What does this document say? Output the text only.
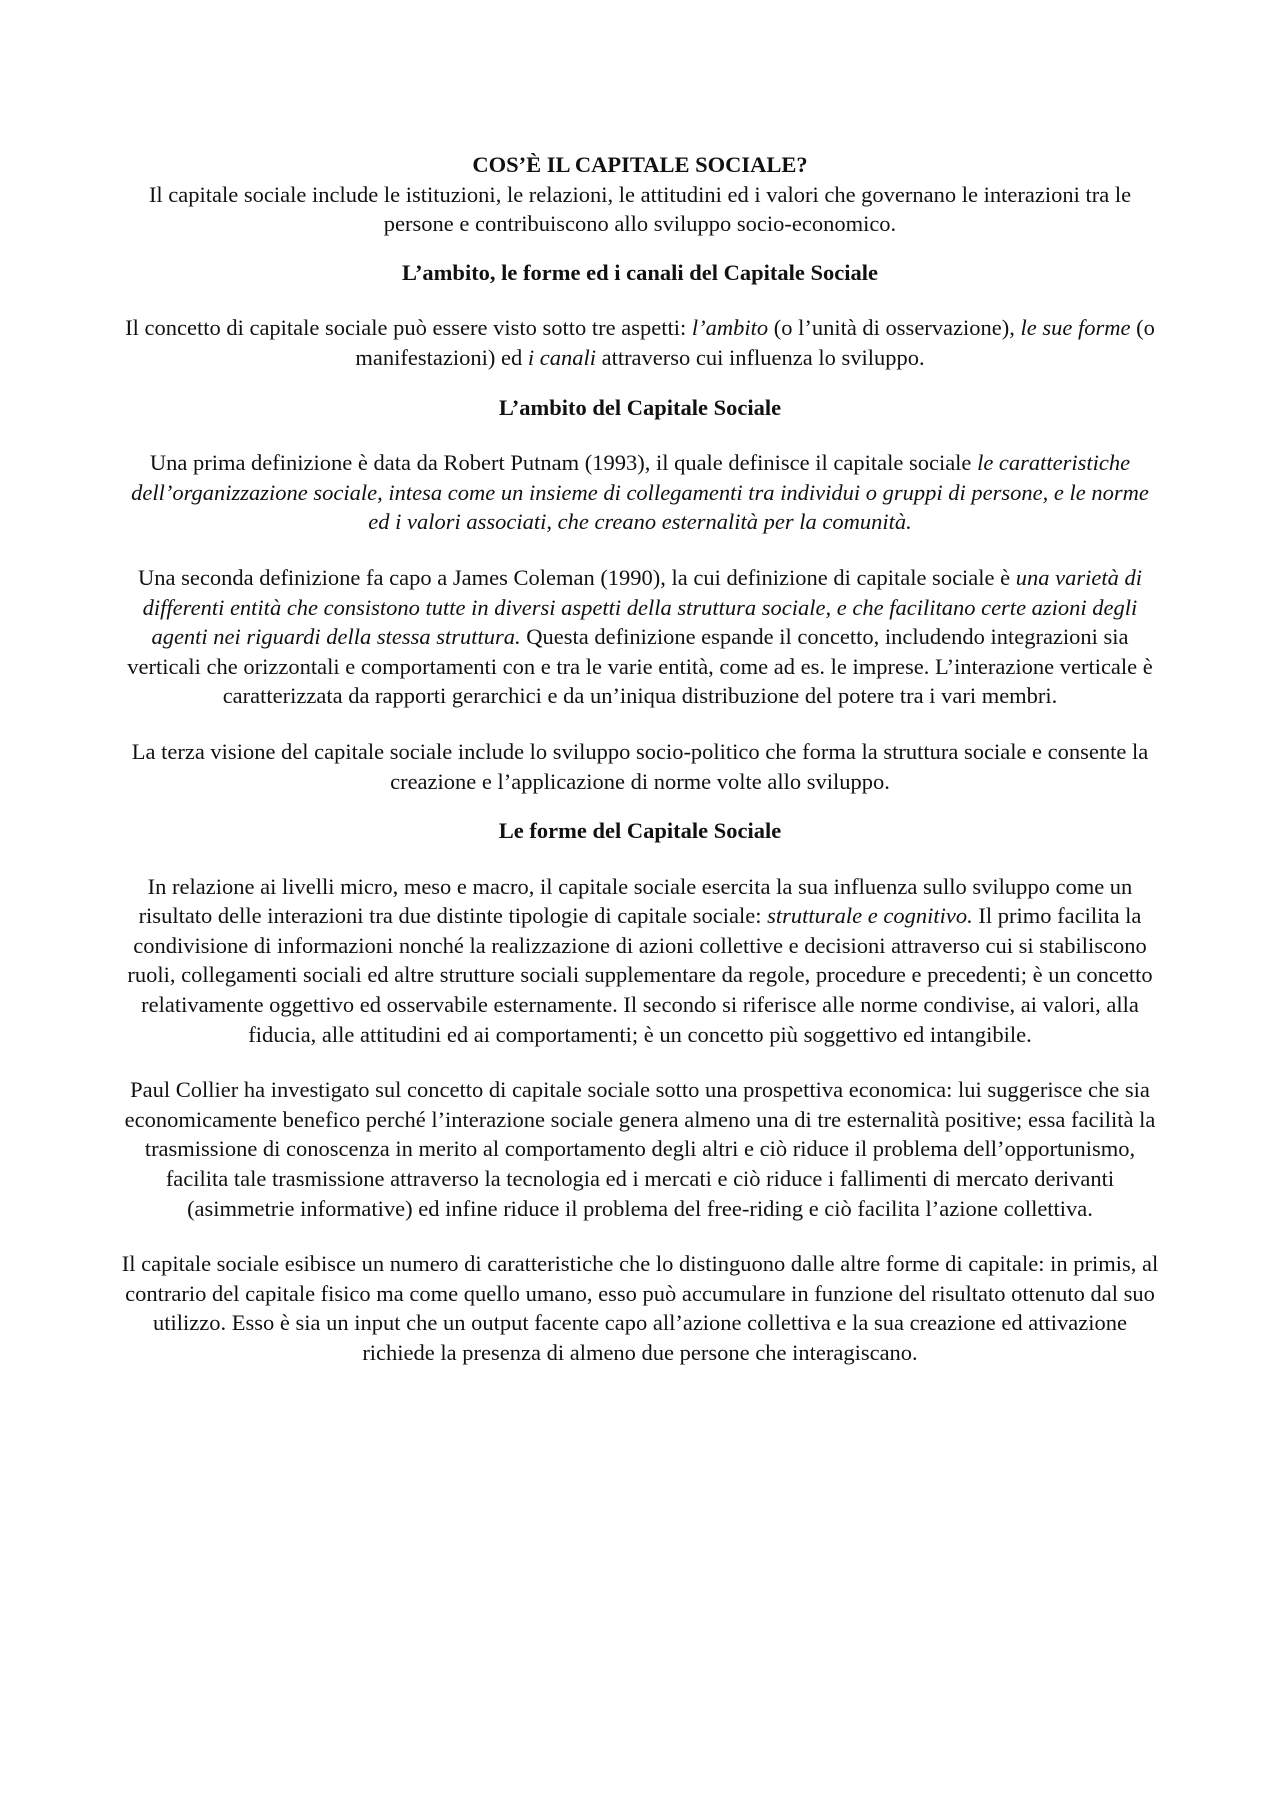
COS’È IL CAPITALE SOCIALE?

Il capitale sociale include le istituzioni, le relazioni, le attitudini ed i valori che governano le interazioni tra le persone e contribuiscono allo sviluppo socio-economico.

L’ambito, le forme ed i canali del Capitale Sociale

Il concetto di capitale sociale può essere visto sotto tre aspetti: l’ambito (o l’unità di osservazione), le sue forme (o manifestazioni) ed i canali attraverso cui influenza lo sviluppo.

L’ambito del Capitale Sociale

Una prima definizione è data da Robert Putnam (1993), il quale definisce il capitale sociale le caratteristiche dell’organizzazione sociale, intesa come un insieme di collegamenti tra individui o gruppi di persone, e le norme ed i valori associati, che creano esternalità per la comunità.

Una seconda definizione fa capo a James Coleman (1990), la cui definizione di capitale sociale è una varietà di differenti entità che consistono tutte in diversi aspetti della struttura sociale, e che facilitano certe azioni degli agenti nei riguardi della stessa struttura. Questa definizione espande il concetto, includendo integrazioni sia verticali che orizzontali e comportamenti con e tra le varie entità, come ad es. le imprese. L’interazione verticale è caratterizzata da rapporti gerarchici e da un’iniqua distribuzione del potere tra i vari membri.

La terza visione del capitale sociale include lo sviluppo socio-politico che forma la struttura sociale e consente la creazione e l’applicazione di norme volte allo sviluppo.

Le forme del Capitale Sociale

In relazione ai livelli micro, meso e macro, il capitale sociale esercita la sua influenza sullo sviluppo come un risultato delle interazioni tra due distinte tipologie di capitale sociale: strutturale e cognitivo. Il primo facilita la condivisione di informazioni nonché la realizzazione di azioni collettive e decisioni attraverso cui si stabiliscono ruoli, collegamenti sociali ed altre strutture sociali supplementare da regole, procedure e precedenti; è un concetto relativamente oggettivo ed osservabile esternamente. Il secondo si riferisce alle norme condivise, ai valori, alla fiducia, alle attitudini ed ai comportamenti; è un concetto più soggettivo ed intangibile.

Paul Collier ha investigato sul concetto di capitale sociale sotto una prospettiva economica: lui suggerisce che sia economicamente benefico perché l’interazione sociale genera almeno una di tre esternalità positive; essa facilità la trasmissione di conoscenza in merito al comportamento degli altri e ciò riduce il problema dell’opportunismo, facilita tale trasmissione attraverso la tecnologia ed i mercati e ciò riduce i fallimenti di mercato derivanti (asimmetrie informative) ed infine riduce il problema del free-riding e ciò facilita l’azione collettiva.

Il capitale sociale esibisce un numero di caratteristiche che lo distinguono dalle altre forme di capitale: in primis, al contrario del capitale fisico ma come quello umano, esso può accumulare in funzione del risultato ottenuto dal suo utilizzo. Esso è sia un input che un output facente capo all’azione collettiva e la sua creazione ed attivazione richiede la presenza di almeno due persone che interagiscano.
